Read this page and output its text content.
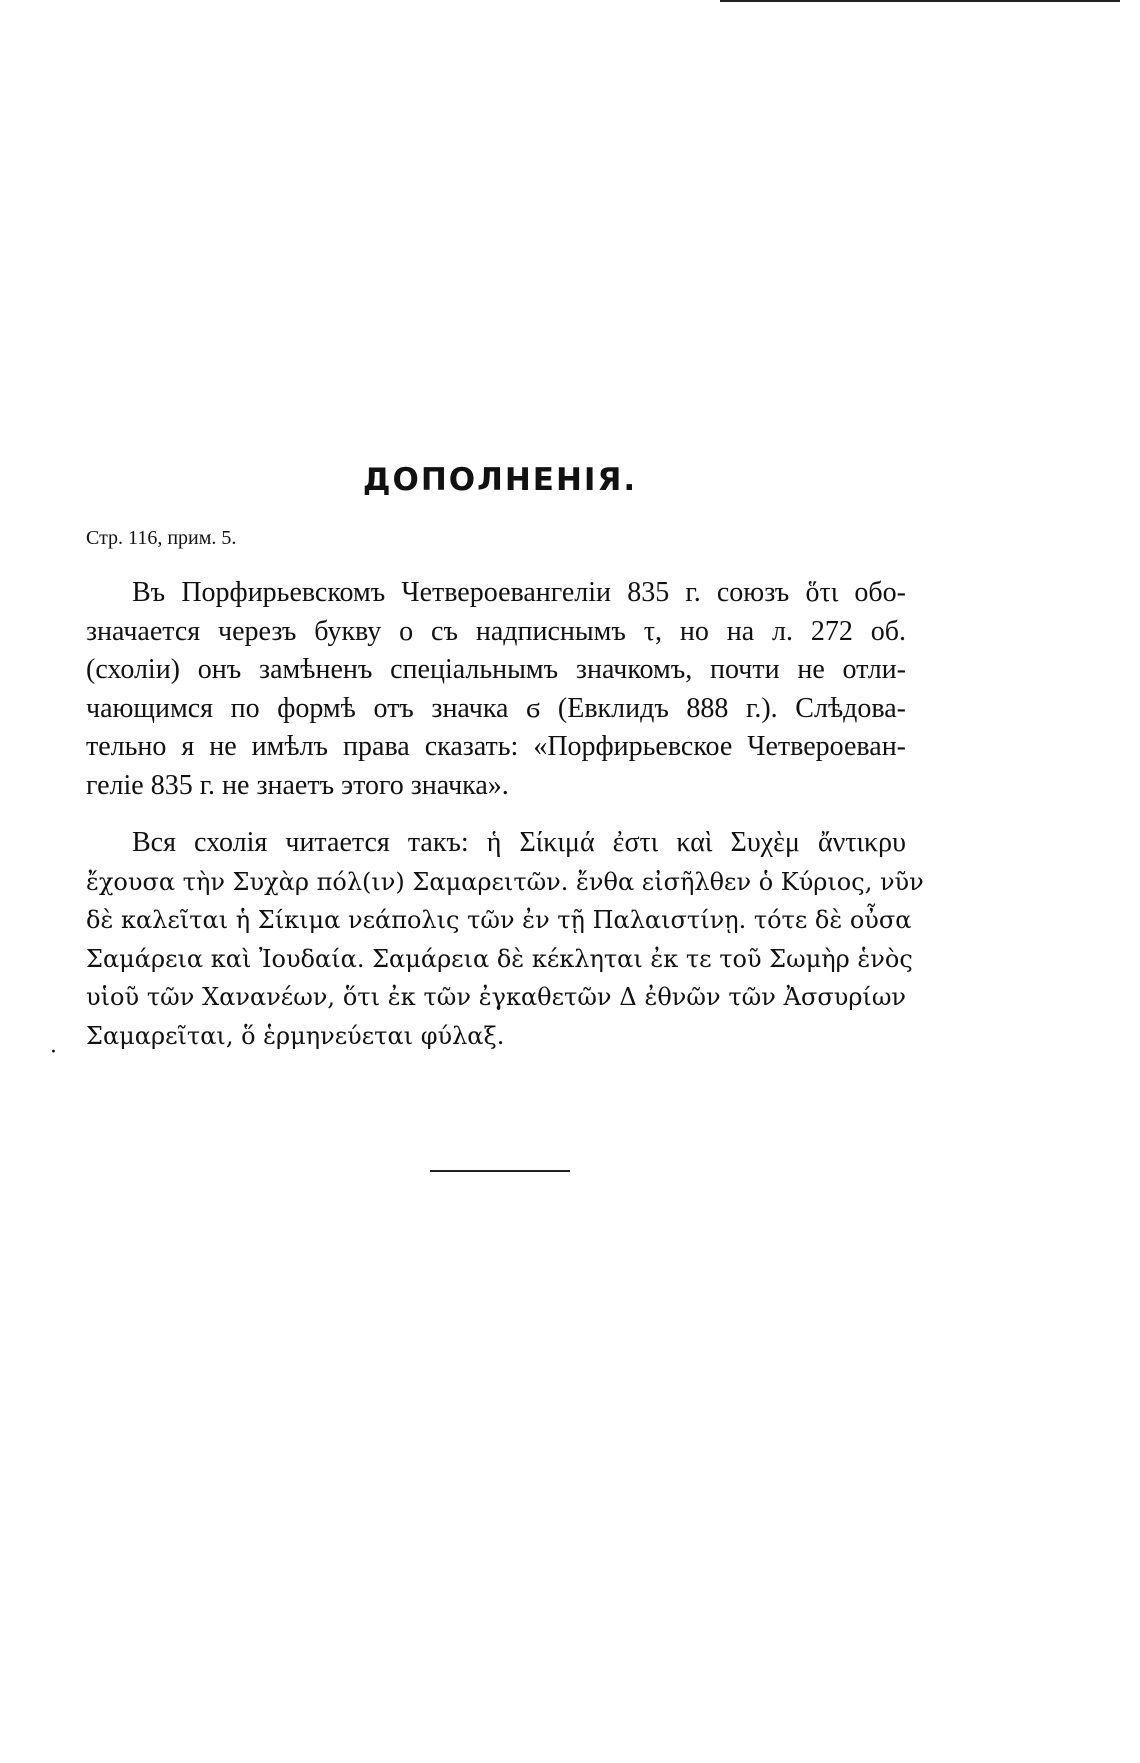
ДОПОЛНЕНІЯ.
Стр. 116, прим. 5.

Въ Порфирьевскомъ Четвероевангеліи 835 г. союзъ ὅτι обо-
значается черезъ букву ο съ надписнымъ τ, но на л. 272 об.
(схоліи) онъ замѣненъ спеціальнымъ значкомъ, почти не отли-
чающимся по формѣ отъ значка ϭ (Евклидъ 888 г.). Слѣдова-
тельно я не имѣлъ права сказать: «Порфирьевское Четвероеван-
геліе 835 г. не знаетъ этого значка».

Вся схолія читается такъ: ἡ Σίκιμά ἐστι καὶ Συχὲμ ἄντικρυ
ἔχουσα τὴν Συχὰρ πόλ(ιν) Σαμαρειτῶν. ἔνθα εἰσῆλθεν ὁ Κύριος, νῦν
δὲ καλεῖται ἡ Σίκιμα νεάπολις τῶν ἐν τῇ Παλαιστίνῃ. τότε δὲ οὖσα
Σαμάρεια καὶ Ἰουδαία. Σαμάρεια δὲ κέκληται ἐκ τε τοῦ Σωμὴρ ἑνὸς
υἱοῦ τῶν Χανανέων, ὅτι ἐκ τῶν ἐγκαθετῶν Δ ἐθνῶν τῶν Ἀσσυρίων
Σαμαρεῖται, ὅ ἑρμηνεύεται φύλαξ.

·
